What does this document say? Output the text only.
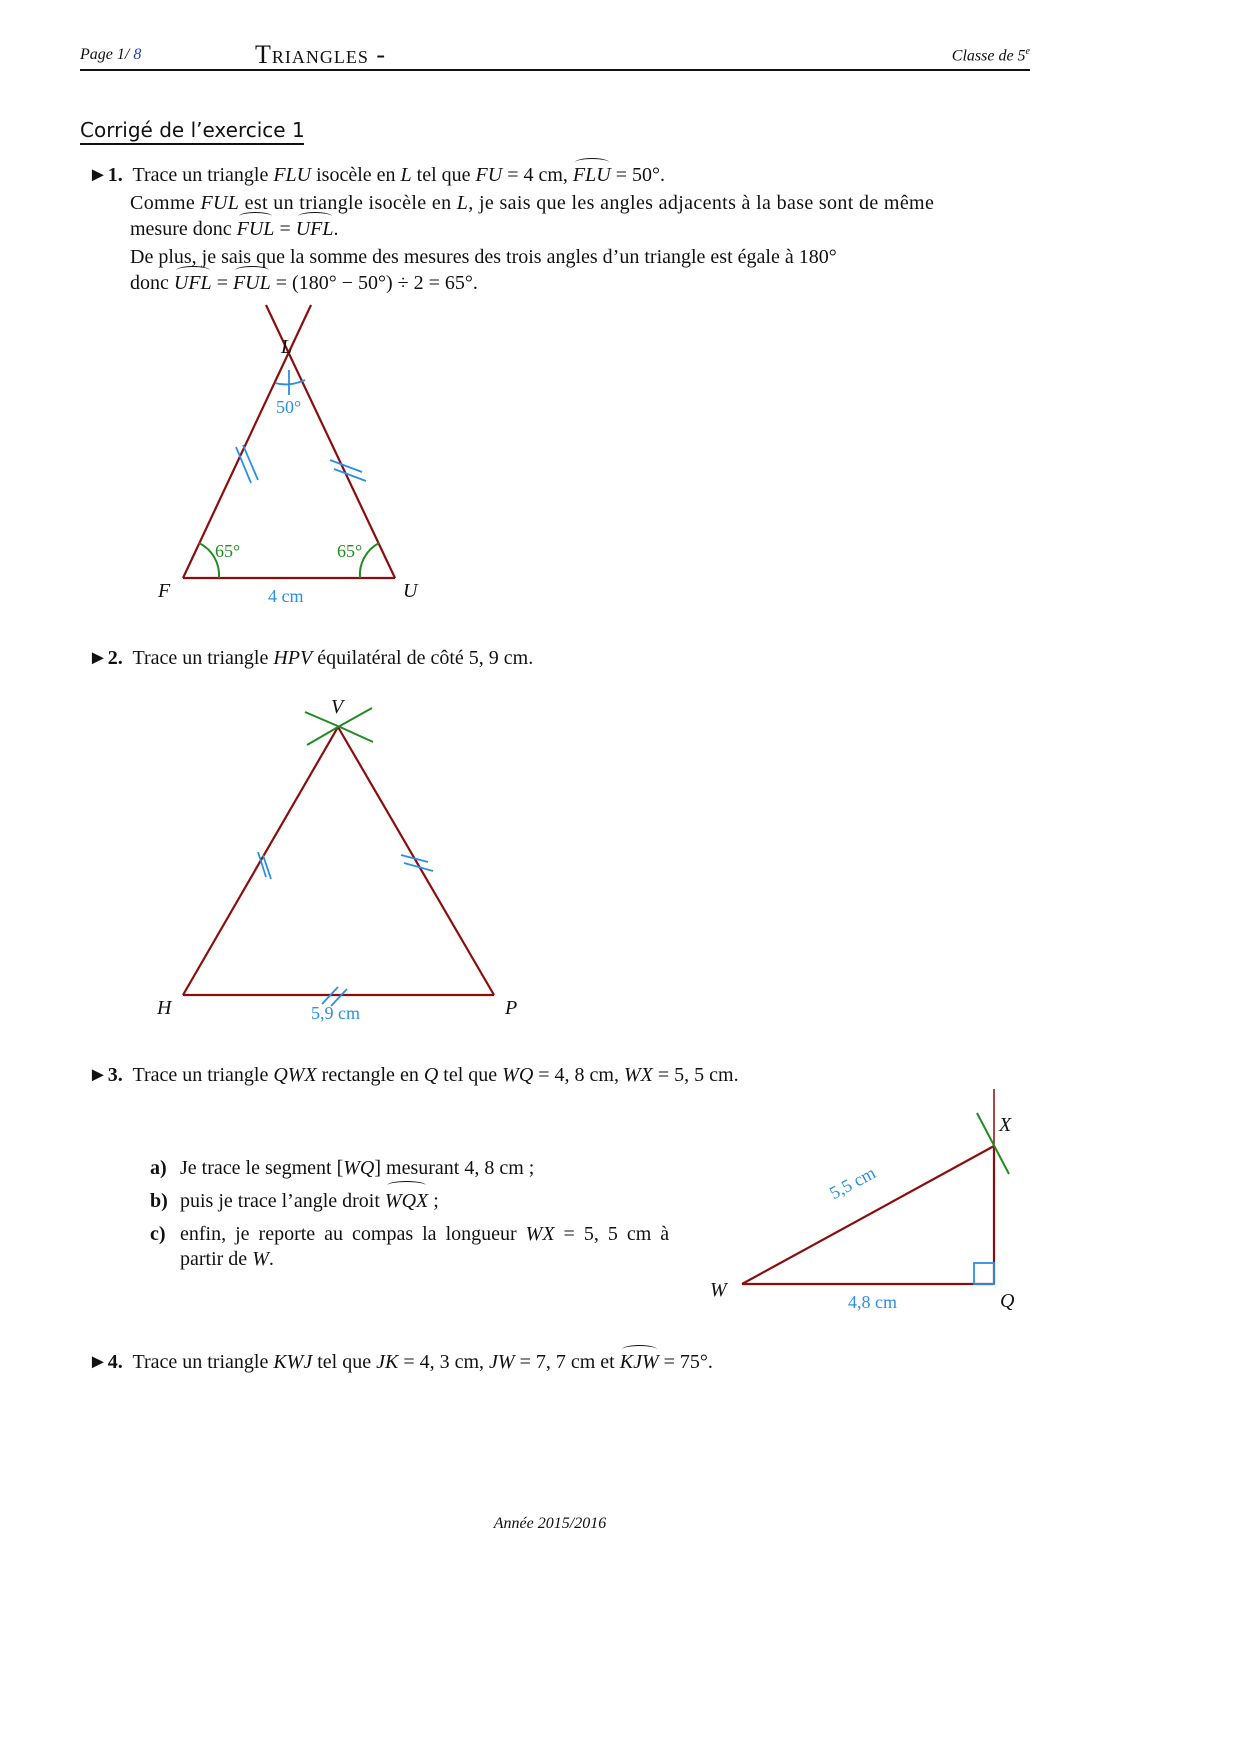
Page 1/ 8	Triangles -	Classe de 5e
Corrigé de l’exercice 1
►1. Trace un triangle FLU isocèle en L tel que FU = 4 cm, FLU = 50°.
Comme FUL est un triangle isocèle en L, je sais que les angles adjacents à la base sont de même
mesure donc FUL = UFL.
De plus, je sais que la somme des mesures des trois angles d’un triangle est égale à 180°
donc UFL = FUL = (180° − 50°) ÷ 2 = 65°.
L
50°
65°	65°
F	U
4 cm
►2. Trace un triangle HPV équilatéral de côté 5, 9 cm.
V
H	P
5,9 cm
►3. Trace un triangle QWX rectangle en Q tel que WQ = 4, 8 cm, WX = 5, 5 cm.
a) Je trace le segment [WQ] mesurant 4, 8 cm ;
b) puis je trace l’angle droit WQX ;
c) enfin, je reporte au compas la longueur WX = 5, 5 cm à
partir de W.
X
W	Q
4,8 cm
5,5 cm
►4. Trace un triangle KWJ tel que JK = 4, 3 cm, JW = 7, 7 cm et KJW = 75°.
Année 2015/2016
